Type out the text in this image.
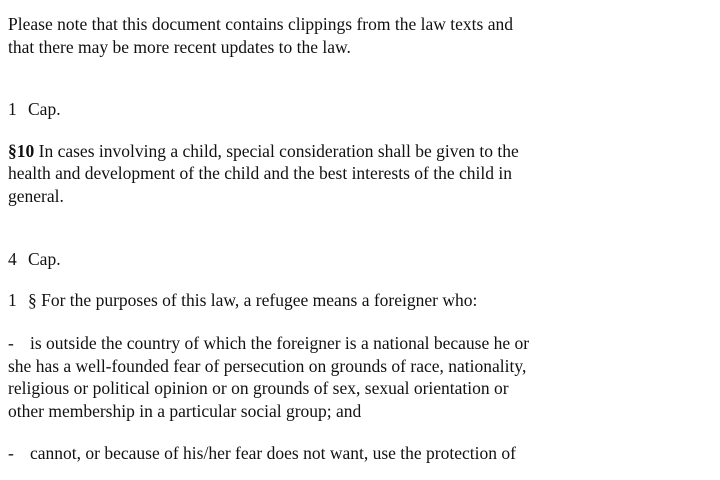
Please note that this document contains clippings from the law texts and
that there may be more recent updates to the law.

1 Cap.

§10 In cases involving a child, special consideration shall be given to the
health and development of the child and the best interests of the child in
general.

4 Cap.

1 § For the purposes of this law, a refugee means a foreigner who:

- is outside the country of which the foreigner is a national because he or
she has a well-founded fear of persecution on grounds of race, nationality,
religious or political opinion or on grounds of sex, sexual orientation or
other membership in a particular social group; and

- cannot, or because of his/her fear does not want, use the protection of
